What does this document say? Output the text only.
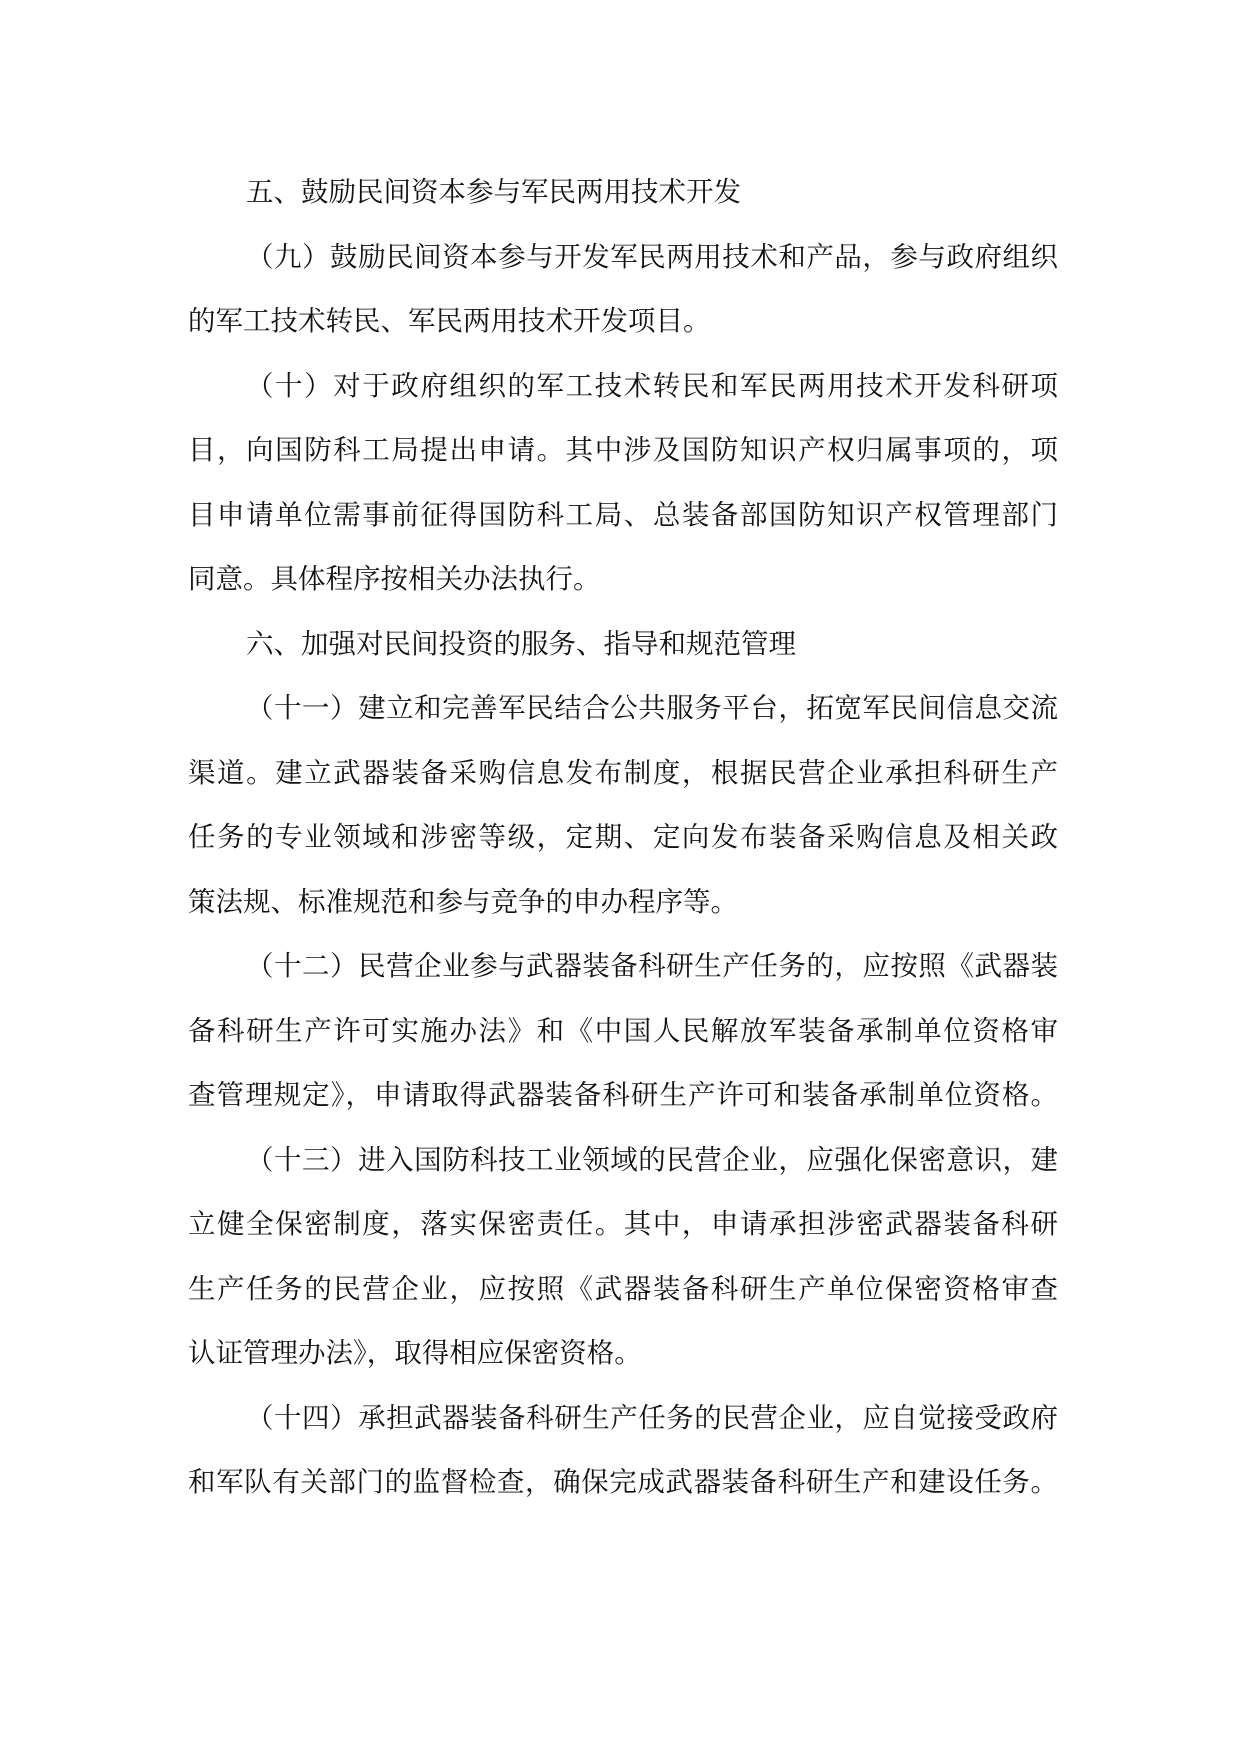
五、鼓励民间资本参与军民两用技术开发
（九）鼓励民间资本参与开发军民两用技术和产品，参与政府组织
的军工技术转民、军民两用技术开发项目。
（十）对于政府组织的军工技术转民和军民两用技术开发科研项
目，向国防科工局提出申请。其中涉及国防知识产权归属事项的，项
目申请单位需事前征得国防科工局、总装备部国防知识产权管理部门
同意。具体程序按相关办法执行。
六、加强对民间投资的服务、指导和规范管理
（十一）建立和完善军民结合公共服务平台，拓宽军民间信息交流
渠道。建立武器装备采购信息发布制度，根据民营企业承担科研生产
任务的专业领域和涉密等级，定期、定向发布装备采购信息及相关政
策法规、标准规范和参与竞争的申办程序等。
（十二）民营企业参与武器装备科研生产任务的，应按照《武器装
备科研生产许可实施办法》和《中国人民解放军装备承制单位资格审
查管理规定》，申请取得武器装备科研生产许可和装备承制单位资格。
（十三）进入国防科技工业领域的民营企业，应强化保密意识，建
立健全保密制度，落实保密责任。其中，申请承担涉密武器装备科研
生产任务的民营企业，应按照《武器装备科研生产单位保密资格审查
认证管理办法》，取得相应保密资格。
（十四）承担武器装备科研生产任务的民营企业，应自觉接受政府
和军队有关部门的监督检查，确保完成武器装备科研生产和建设任务。
